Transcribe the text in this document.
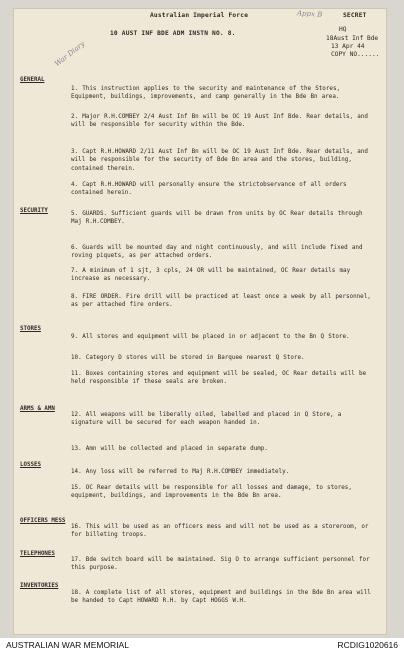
Australian Imperial Force	SECRET
10 AUST INF BDE ADM INSTN NO. 8.
HQ
18Aust Inf Bde
13 Apr 44
COPY NO......
Appx B
War Diary
GENERAL
1. This instruction applies to the security and maintenance of the Stores, Equipment, buildings, improvements, and camp generally in the Bde Bn area.
2. Major R.H.COMBEY 2/4 Aust Inf Bn will be OC 19 Aust Inf Bde. Rear details, and will be responsible for security within the Bde.
3. Capt R.H.HOWARD 2/11 Aust Inf Bn will be OC 19 Aust Inf Bde. Rear details, and will be responsible for the security of Bde Bn area and the stores, building, contained therein.
4. Capt R.H.HOWARD will personally ensure the strictobservance of all orders contained herein.
SECURITY	5. GUARDS. Sufficient guards will be drawn from units by OC Rear details through Maj R.H.COMBEY.
6. Guards will be mounted day and night continuously, and will include fixed and roving piquets, as per attached orders.
7. A minimum of 1 sjt, 3 cpls, 24 OR will be maintained, OC Rear details may increase as necessary.
8. FIRE ORDER. Fire drill will be practiced at least once a week by all personnel, as per attached fire orders.
STORES
9. All stores and equipment will be placed in or adjacent to the Bn Q Store.
10. Category D stores will be stored in Barquee nearest Q Store.
11. Boxes containing stores and equipment will be sealed, OC Rear details will be held responsible if these seals are broken.
ARMS & AMN
12. All weapons will be liberally oiled, labelled and placed in Q Store, a signature will be secured for each weapon handed in.
13. Amn will be collected and placed in separate dump.
LOSSES
14. Any loss will be referred to Maj R.H.COMBEY immediately.
15. OC Rear details will be responsible for all losses and damage, to stores, equipment, buildings, and improvements in the Bde Bn area.
OFFICERS MESS
16. This will be used as an officers mess and will not be used as a storeroom, or for billeting troops.
TELEPHONES
17. Bde switch board will be maintained. Sig O to arrange sufficient personnel for this purpose.
INVENTORIES
18. A complete list of all stores, equipment and buildings in the Bde Bn area will be handed to Capt HOWARD R.H. by Capt HOGGS W.H.
AUSTRALIAN WAR MEMORIAL	RCDIG1020616
